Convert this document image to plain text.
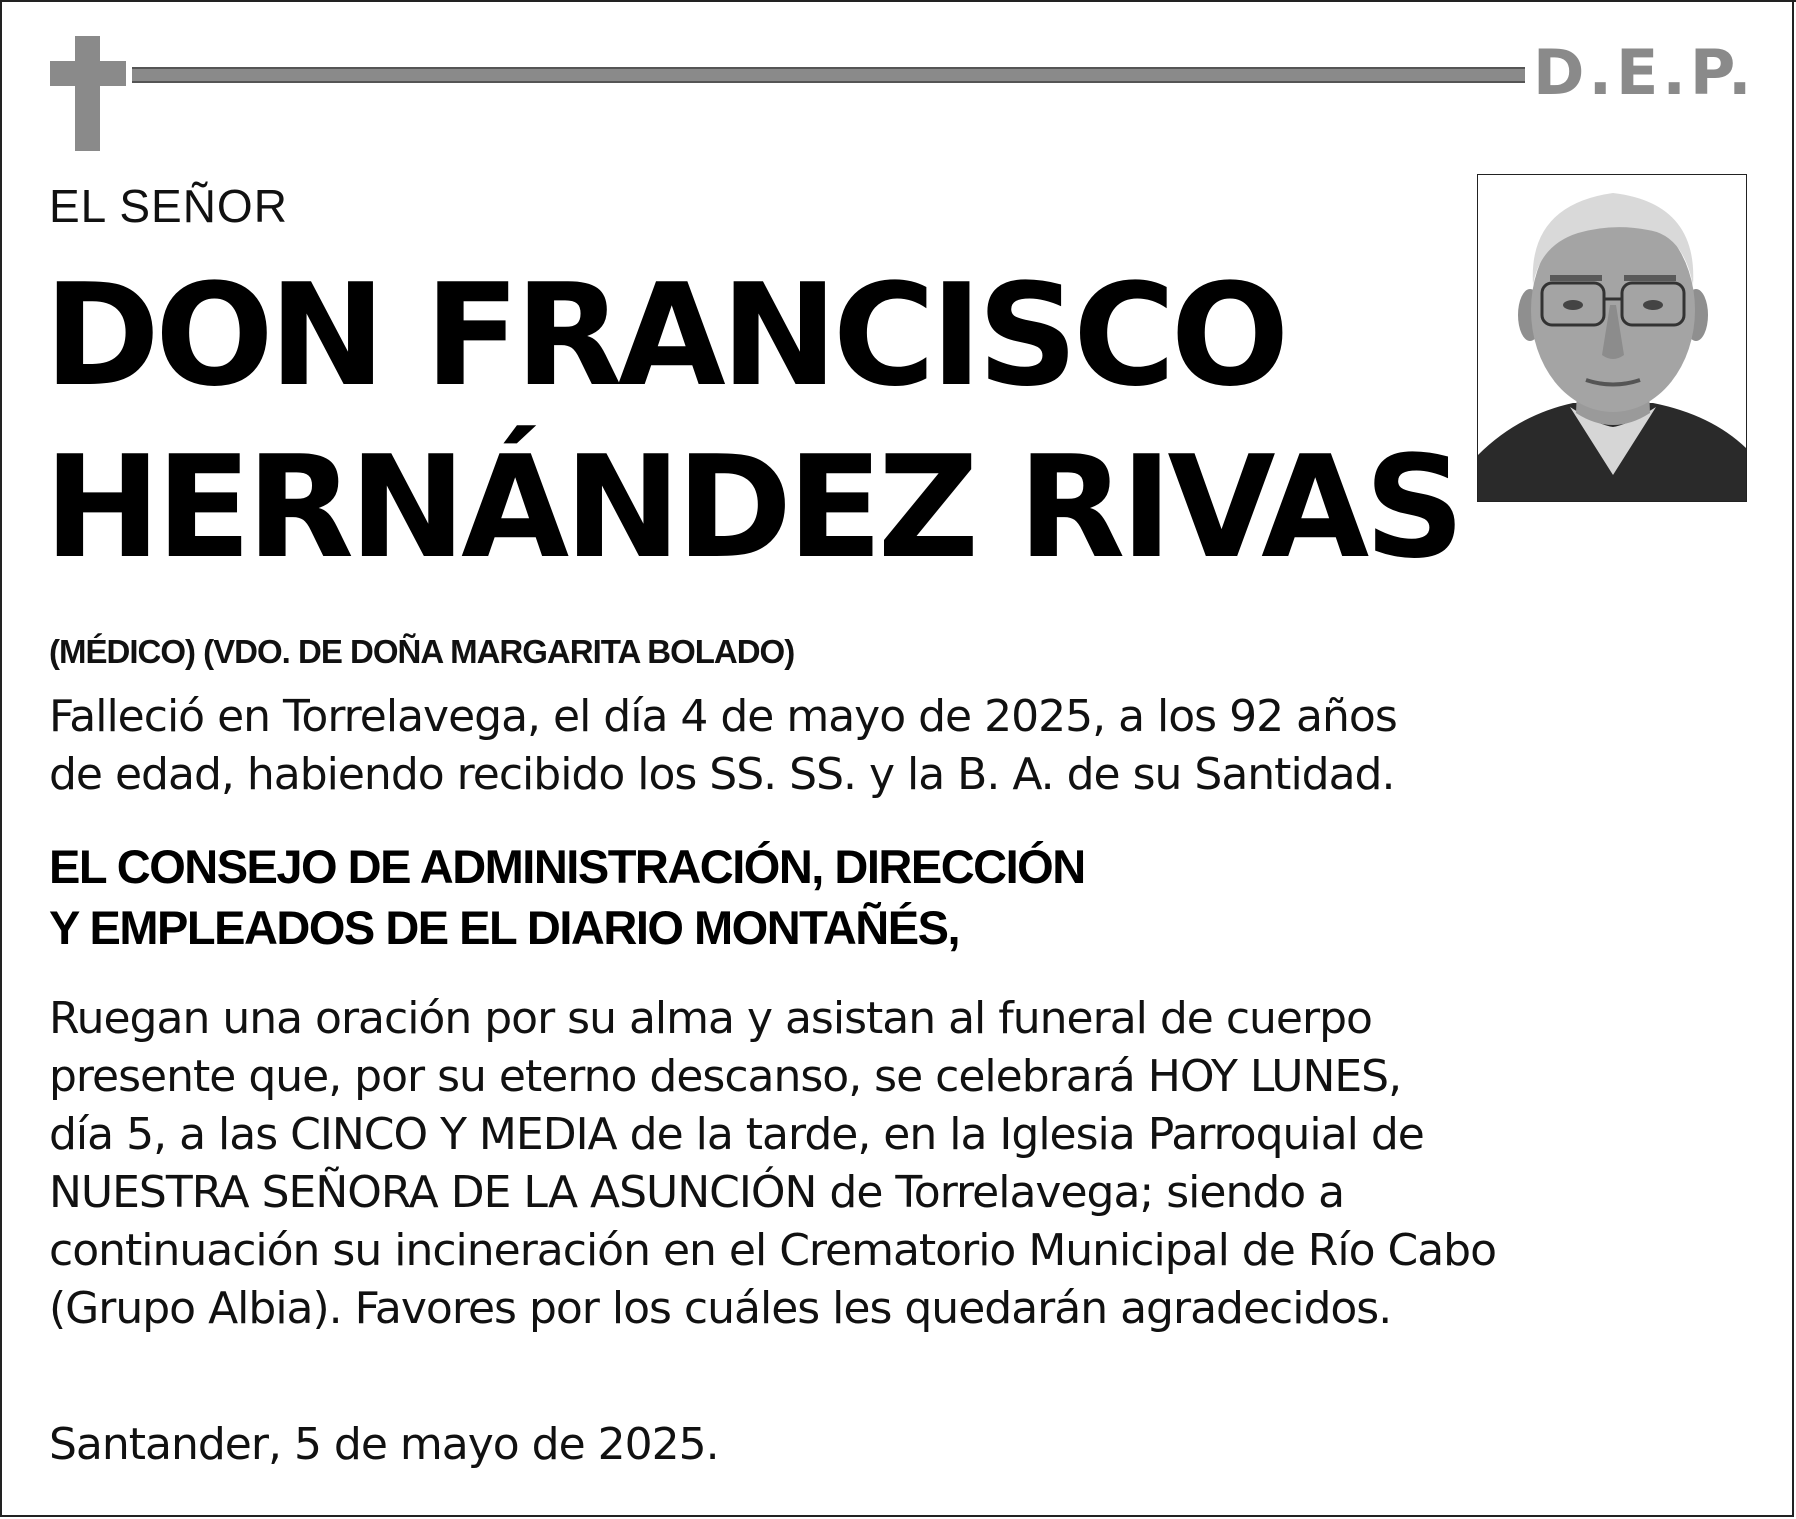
D.E.P.
EL SEÑOR
DON FRANCISCO
HERNÁNDEZ RIVAS
(MÉDICO) (VDO. DE DOÑA MARGARITA BOLADO)
Falleció en Torrelavega, el día 4 de mayo de 2025, a los 92 años
de edad, habiendo recibido los SS. SS. y la B. A. de su Santidad.
EL CONSEJO DE ADMINISTRACIÓN, DIRECCIÓN
Y EMPLEADOS DE EL DIARIO MONTAÑÉS,
Ruegan una oración por su alma y asistan al funeral de cuerpo
presente que, por su eterno descanso, se celebrará HOY LUNES,
día 5, a las CINCO Y MEDIA de la tarde, en la Iglesia Parroquial de
NUESTRA SEÑORA DE LA ASUNCIÓN de Torrelavega; siendo a
continuación su incineración en el Crematorio Municipal de Río Cabo
(Grupo Albia). Favores por los cuáles les quedarán agradecidos.
Santander, 5 de mayo de 2025.
